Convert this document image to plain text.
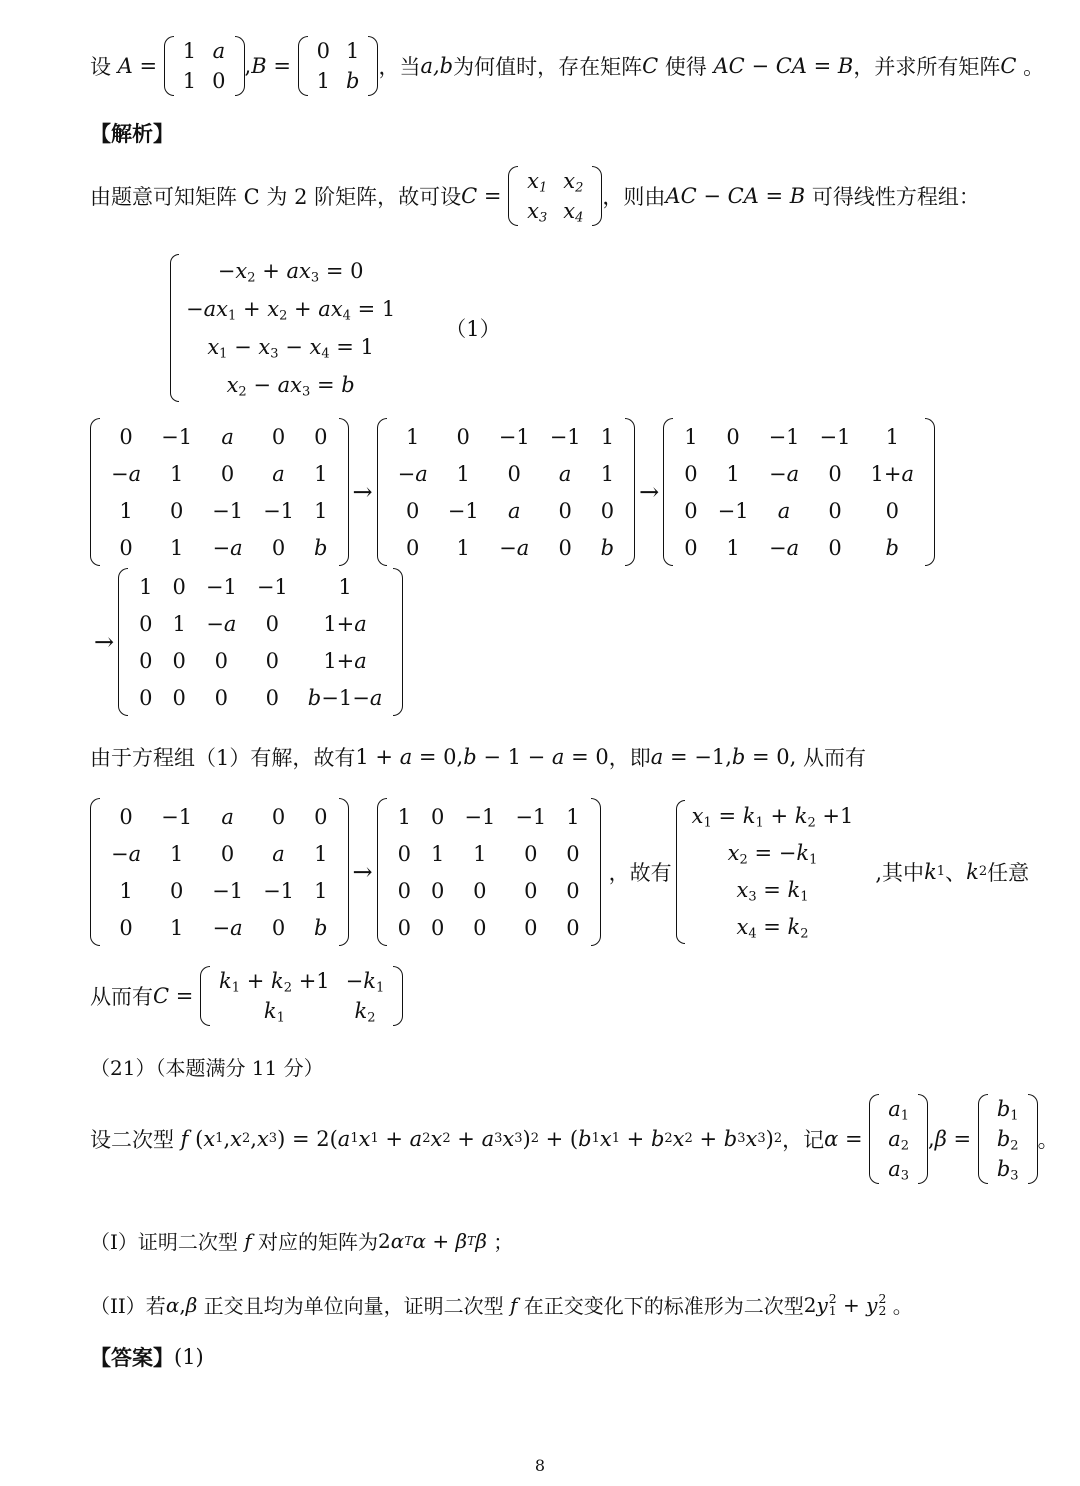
设 A =
1	a
1	0
, B =
0	1
1	b
，当 a,b 为何值时，存在矩阵 C 使得 AC − CA = B ，并求所有矩阵 C
。
【解析】
由题意可知矩阵 C 为 2 阶矩阵，故可设 C =
$x_1$	$x_2$
$x_3$	$x_4$
，则由 AC − CA = B
可得线性方程组：
$-x_2 + ax_3 = 0$
$-ax_1 + x_2 + ax_4 = 1$
$x_1 - x_3 - x_4 = 1$
$x_2 - ax_3 = b$
（1）
0	−1	a	0	0
−a	1	0	a	1
1	0	−1	−1	1
0	1	−a	0	b
→
1	0	−1	−1	1
−a	1	0	a	1
0	−1	a	0	0
0	1	−a	0	b
→
1	0	−1	−1	1
0	1	−a	0	1+a
0	−1	a	0	0
0	1	−a	0	b
→
1	0	−1	−1	1
0	1	−a	0	1+a
0	0	0	0	1+a
0	0	0	0	b−1−a
由于方程组（1）有解，故有 1 + a = 0, b − 1 − a = 0 ，即 a = −1, b = 0, 从而有
0	−1	a	0	0
−a	1	0	a	1
1	0	−1	−1	1
0	1	−a	0	b
→
1	0	−1	−1	1
0	1	1	0	0
0	0	0	0	0
0	0	0	0	0
，故有
$x_1 = k_1 + k_2 +1$
$x_2 = -k_1$
$x_3 = k_1$
$x_4 = k_2$
,其中 k 1 、 k 2 任意
从而有 C =
$k_1 + k_2 +1$	$-k_1$
$k_1$	$k_2$
（21）（本题满分 11 分）
设二次型 f ( x 1 , x 2 , x 3 ) = 2( a 1 x 1 + a 2 x 2 + a 3 x 3 ) 2 + ( b 1 x 1 + b 2 x 2 + b 3 x 3 ) 2 ，记 α =
$a_1$
$a_2$
$a_3$
, β =
$b_1$
$b_2$
$b_3$
。
（I）证明二次型 f 对应的矩阵为 2 α T α + β T β
；
（II）若 α , β
正交且均为单位向量，证明二次型 f 在正交变化下的标准形为二次型 2 y 2
1 + y 2
2
。
【答案】 (1)
8
